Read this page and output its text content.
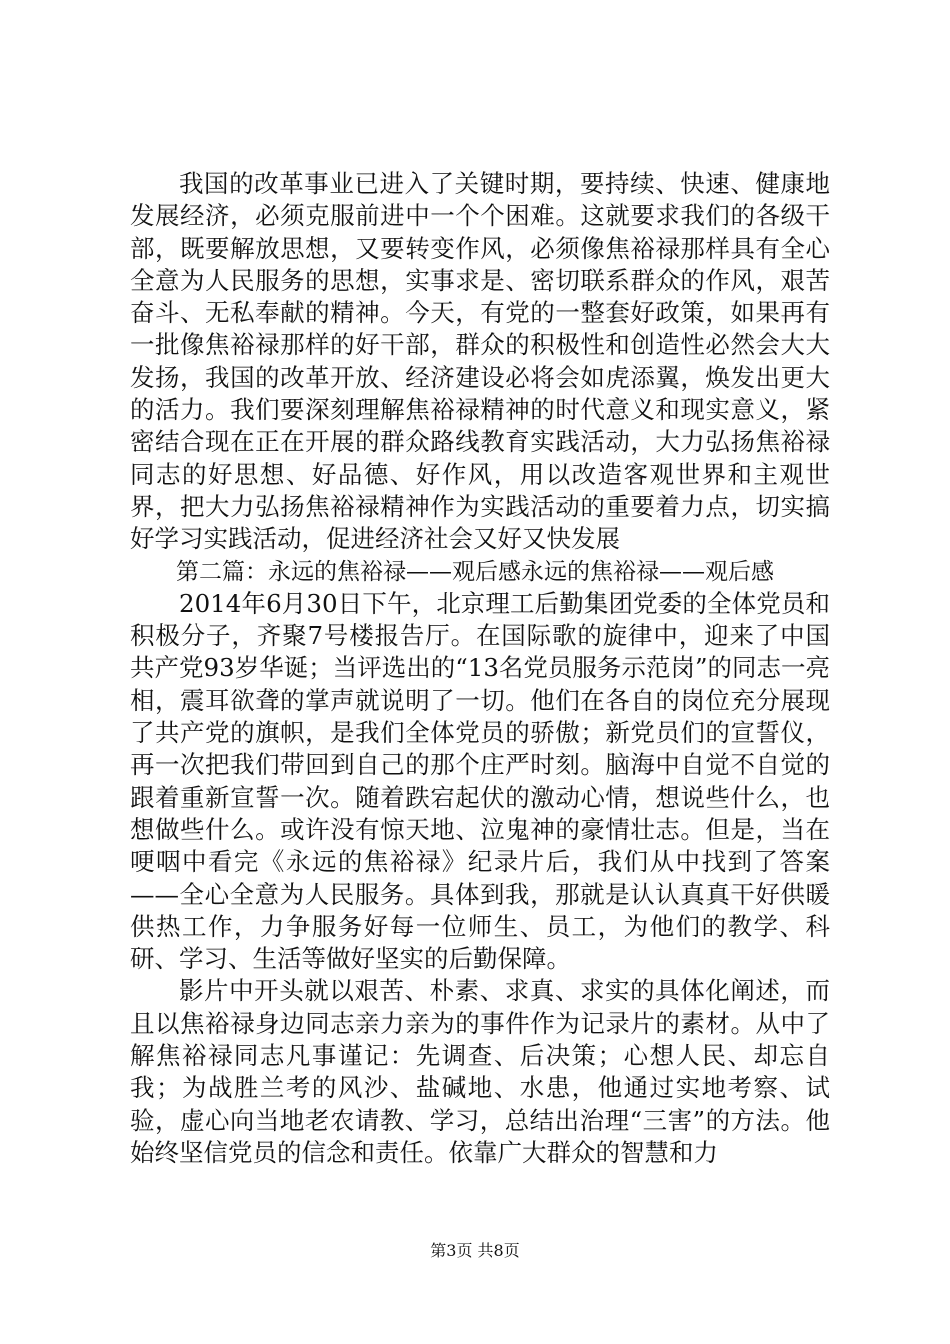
我国的改革事业已进入了关键时期，要持续、快速、健康地发展经济，必须克服前进中一个个困难。这就要求我们的各级干部，既要解放思想，又要转变作风，必须像焦裕禄那样具有全心全意为人民服务的思想，实事求是、密切联系群众的作风，艰苦奋斗、无私奉献的精神。今天，有党的一整套好政策，如果再有一批像焦裕禄那样的好干部，群众的积极性和创造性必然会大大发扬，我国的改革开放、经济建设必将会如虎添翼，焕发出更大的活力。我们要深刻理解焦裕禄精神的时代意义和现实意义，紧密结合现在正在开展的群众路线教育实践活动，大力弘扬焦裕禄同志的好思想、好品德、好作风，用以改造客观世界和主观世界，把大力弘扬焦裕禄精神作为实践活动的重要着力点，切实搞好学习实践活动，促进经济社会又好又快发展

第二篇：永远的焦裕禄——观后感永远的焦裕禄——观后感

2014年6月30日下午，北京理工后勤集团党委的全体党员和积极分子，齐聚7号楼报告厅。在国际歌的旋律中，迎来了中国共产党93岁华诞；当评选出的“13名党员服务示范岗”的同志一亮相，震耳欲聋的掌声就说明了一切。他们在各自的岗位充分展现了共产党的旗帜，是我们全体党员的骄傲；新党员们的宣誓仪，再一次把我们带回到自己的那个庄严时刻。脑海中自觉不自觉的跟着重新宣誓一次。随着跌宕起伏的激动心情，想说些什么，也想做些什么。或许没有惊天地、泣鬼神的豪情壮志。但是，当在哽咽中看完《永远的焦裕禄》纪录片后，我们从中找到了答案——全心全意为人民服务。具体到我，那就是认认真真干好供暖供热工作，力争服务好每一位师生、员工，为他们的教学、科研、学习、生活等做好坚实的后勤保障。

影片中开头就以艰苦、朴素、求真、求实的具体化阐述，而且以焦裕禄身边同志亲力亲为的事件作为记录片的素材。从中了解焦裕禄同志凡事谨记：先调查、后决策；心想人民、却忘自我；为战胜兰考的风沙、盐碱地、水患，他通过实地考察、试验，虚心向当地老农请教、学习，总结出治理“三害”的方法。他始终坚信党员的信念和责任。依靠广大群众的智慧和力

第3页 共8页
